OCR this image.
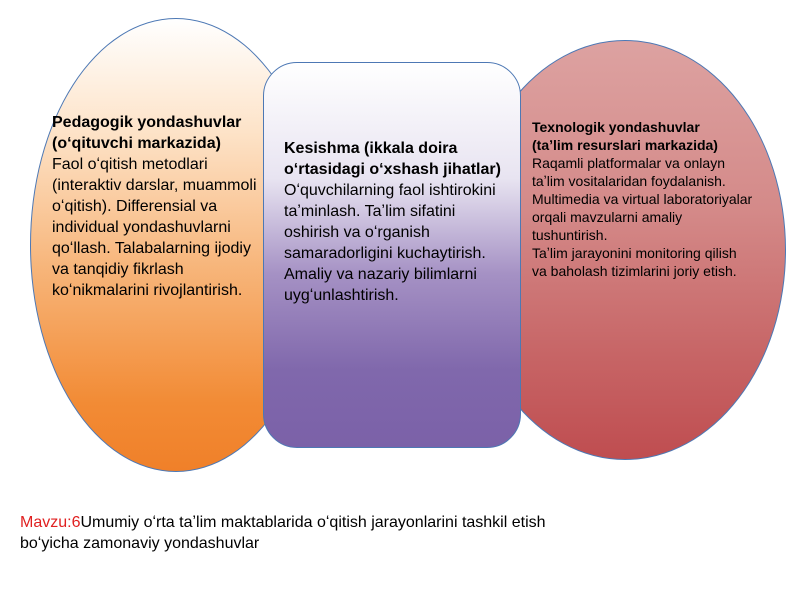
Pedagogik yondashuvlar
(oʻqituvchi markazida)
Faol oʻqitish metodlari (interaktiv darslar, muammoli oʻqitish). Differensial va individual yondashuvlarni qoʻllash. Talabalarning ijodiy va tanqidiy fikrlash koʻnikmalarini rivojlantirish.
Kesishma (ikkala doira oʻrtasidagi oʻxshash jihatlar)
Oʻquvchilarning faol ishtirokini taʼminlash. Taʼlim sifatini oshirish va oʻrganish samaradorligini kuchaytirish. Amaliy va nazariy bilimlarni uygʻunlashtirish.
Texnologik yondashuvlar
(taʼlim resurslari markazida)
Raqamli platformalar va onlayn taʼlim vositalaridan foydalanish.
Multimedia va virtual laboratoriyalar orqali mavzularni amaliy tushuntirish.
Taʼlim jarayonini monitoring qilish va baholash tizimlarini joriy etish.
Mavzu:6Umumiy oʻrta taʼlim maktablarida oʻqitish jarayonlarini tashkil etish boʻyicha zamonaviy yondashuvlar
